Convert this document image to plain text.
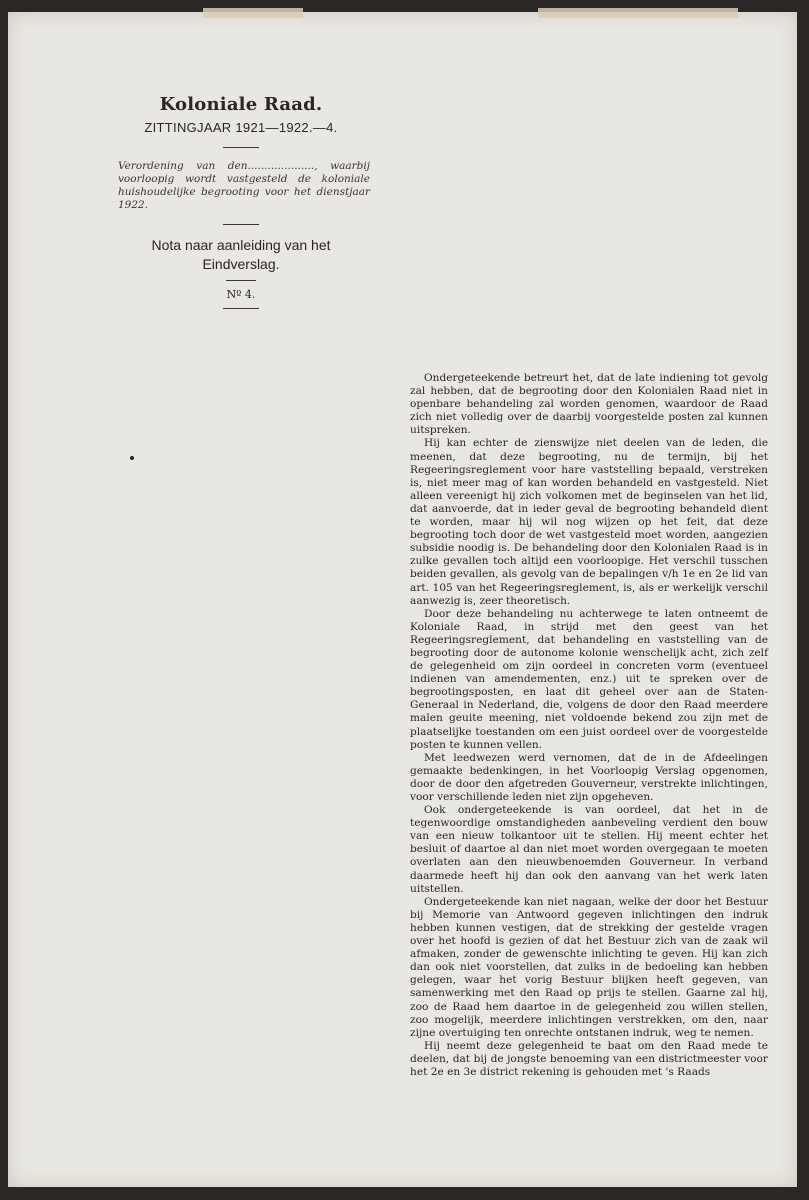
Koloniale Raad.
ZITTINGJAAR 1921—1922.—4.
Verordening van den...................., waarbij voorloopig wordt vastgesteld de koloniale huishoudelijke begrooting voor het dienstjaar 1922.
Nota naar aanleiding van het
Eindverslag.
Nº 4.

Ondergeteekende betreurt het, dat de late indiening tot gevolg zal hebben, dat de begrooting door den Kolonialen Raad niet in openbare behandeling zal worden genomen, waardoor de Raad zich niet volledig over de daarbij voorgestelde posten zal kunnen uitspreken.

Hij kan echter de zienswijze niet deelen van de leden, die meenen, dat deze begrooting, nu de termijn, bij het Regeeringsreglement voor hare vaststelling bepaald, verstreken is, niet meer mag of kan worden behandeld en vastgesteld. Niet alleen vereenigt hij zich volkomen met de beginselen van het lid, dat aanvoerde, dat in ieder geval de begrooting behandeld dient te worden, maar hij wil nog wijzen op het feit, dat deze begrooting toch door de wet vastgesteld moet worden, aangezien subsidie noodig is. De behandeling door den Kolonialen Raad is in zulke gevallen toch altijd een voorloopige. Het verschil tusschen beiden gevallen, als gevolg van de bepalingen v/h 1e en 2e lid van art. 105 van het Regeeringsreglement, is, als er werkelijk verschil aanwezig is, zeer theoretisch.

Door deze behandeling nu achterwege te laten ontneemt de Koloniale Raad, in strijd met den geest van het Regeeringsreglement, dat behandeling en vaststelling van de begrooting door de autonome kolonie wenschelijk acht, zich zelf de gelegenheid om zijn oordeel in concreten vorm (eventueel indienen van amendementen, enz.) uit te spreken over de begrootingsposten, en laat dit geheel over aan de Staten-Generaal in Nederland, die, volgens de door den Raad meerdere malen geuite meening, niet voldoende bekend zou zijn met de plaatselijke toestanden om een juist oordeel over de voorgestelde posten te kunnen vellen.

Met leedwezen werd vernomen, dat de in de Afdeelingen gemaakte bedenkingen, in het Voorloopig Verslag opgenomen, door de door den afgetreden Gouverneur, verstrekte inlichtingen, voor verschillende leden niet zijn opgeheven.

Ook ondergeteekende is van oordeel, dat het in de tegenwoordige omstandigheden aanbeveling verdient den bouw van een nieuw tolkantoor uit te stellen. Hij meent echter het besluit of daartoe al dan niet moet worden overgegaan te moeten overlaten aan den nieuwbenoemden Gouverneur. In verband daarmede heeft hij dan ook den aanvang van het werk laten uitstellen.

Ondergeteekende kan niet nagaan, welke der door het Bestuur bij Memorie van Antwoord gegeven inlichtingen den indruk hebben kunnen vestigen, dat de strekking der gestelde vragen over het hoofd is gezien of dat het Bestuur zich van de zaak wil afmaken, zonder de gewenschte inlichting te geven. Hij kan zich dan ook niet voorstellen, dat zulks in de bedoeling kan hebben gelegen, waar het vorig Bestuur blijken heeft gegeven, van samenwerking met den Raad op prijs te stellen. Gaarne zal hij, zoo de Raad hem daartoe in de gelegenheid zou willen stellen, zoo mogelijk, meerdere inlichtingen verstrekken, om den, naar zijne overtuiging ten onrechte ontstanen indruk, weg te nemen.

Hij neemt deze gelegenheid te baat om den Raad mede te deelen, dat bij de jongste benoeming van een districtmeester voor het 2e en 3e district rekening is gehouden met 's Raads
